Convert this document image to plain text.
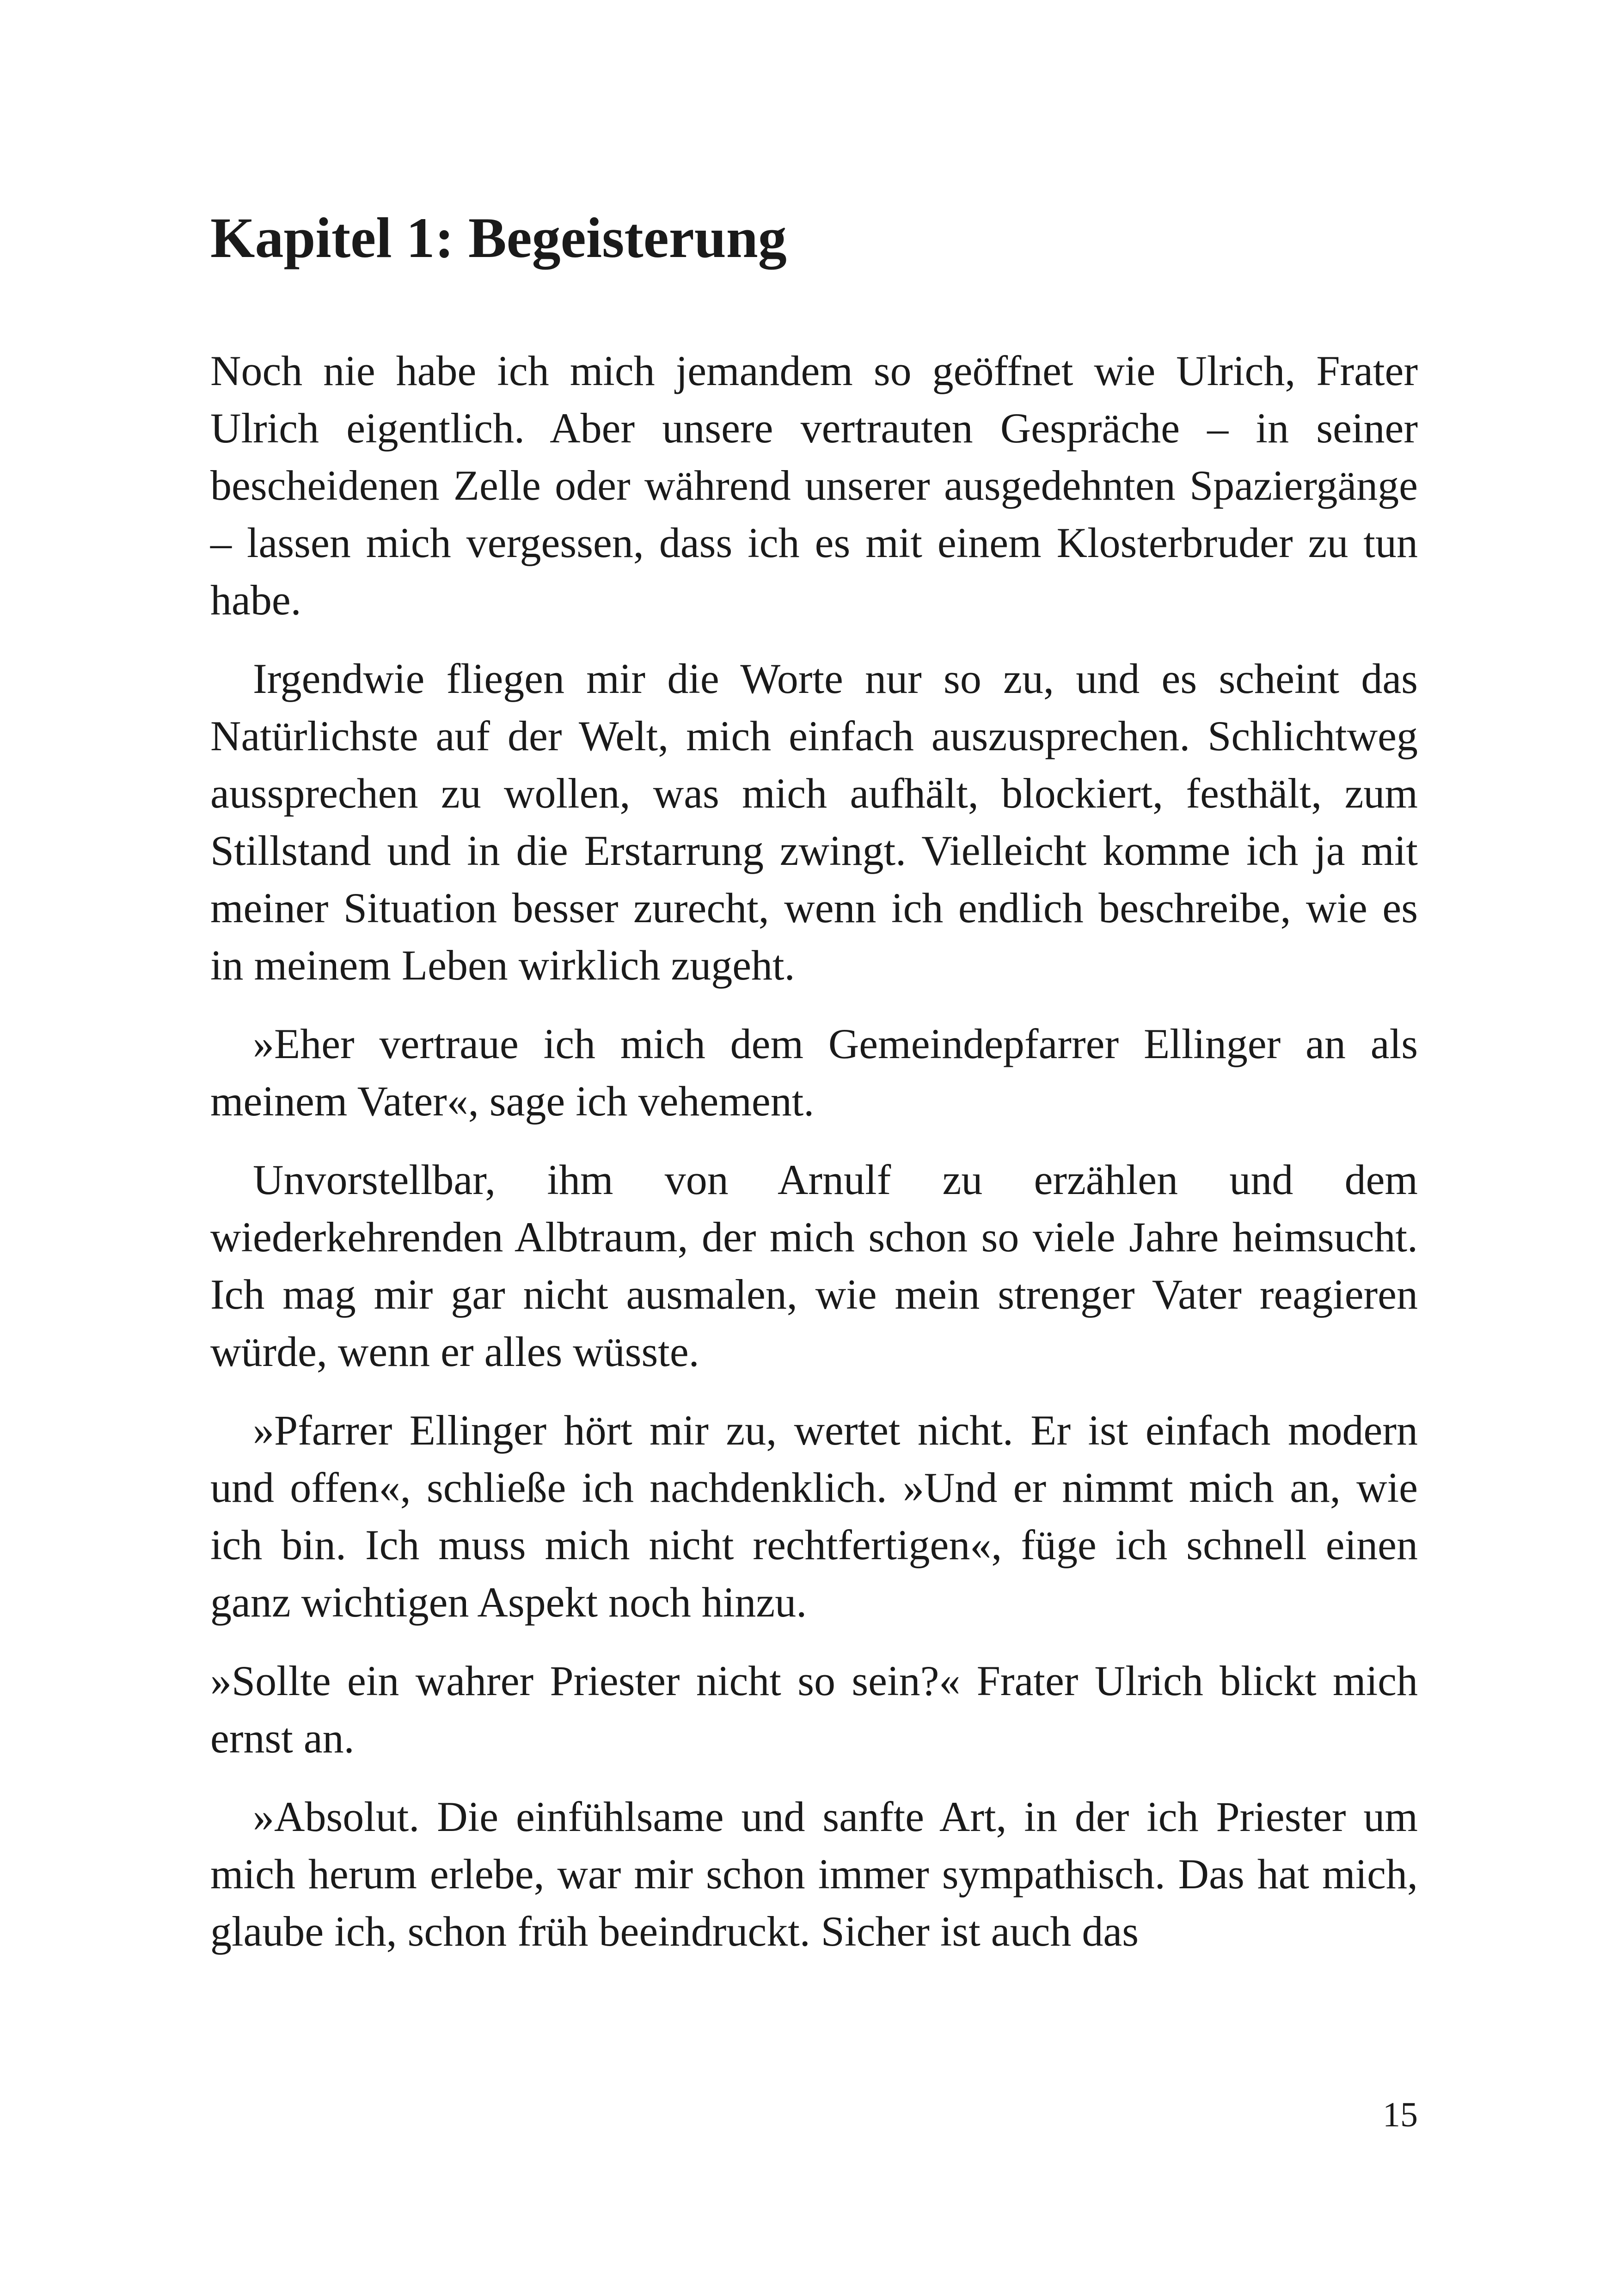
Kapitel 1: Begeisterung

Noch nie habe ich mich jemandem so geöffnet wie Ulrich, Frater Ulrich eigentlich. Aber unsere vertrauten Gespräche – in seiner bescheidenen Zelle oder während unserer ausgedehnten Spaziergänge – lassen mich vergessen, dass ich es mit einem Klosterbruder zu tun habe.

Irgendwie fliegen mir die Worte nur so zu, und es scheint das Natürlichste auf der Welt, mich einfach auszusprechen. Schlichtweg aussprechen zu wollen, was mich aufhält, blockiert, festhält, zum Stillstand und in die Erstarrung zwingt. Vielleicht komme ich ja mit meiner Situation besser zurecht, wenn ich endlich beschreibe, wie es in meinem Leben wirklich zugeht.

»Eher vertraue ich mich dem Gemeindepfarrer Ellinger an als meinem Vater«, sage ich vehement.

Unvorstellbar, ihm von Arnulf zu erzählen und dem wiederkehrenden Albtraum, der mich schon so viele Jahre heimsucht. Ich mag mir gar nicht ausmalen, wie mein strenger Vater reagieren würde, wenn er alles wüsste.

»Pfarrer Ellinger hört mir zu, wertet nicht. Er ist einfach modern und offen«, schließe ich nachdenklich. »Und er nimmt mich an, wie ich bin. Ich muss mich nicht rechtfertigen«, füge ich schnell einen ganz wichtigen Aspekt noch hinzu.

»Sollte ein wahrer Priester nicht so sein?« Frater Ulrich blickt mich ernst an.

»Absolut. Die einfühlsame und sanfte Art, in der ich Priester um mich herum erlebe, war mir schon immer sympathisch. Das hat mich, glaube ich, schon früh beeindruckt. Sicher ist auch das

15
